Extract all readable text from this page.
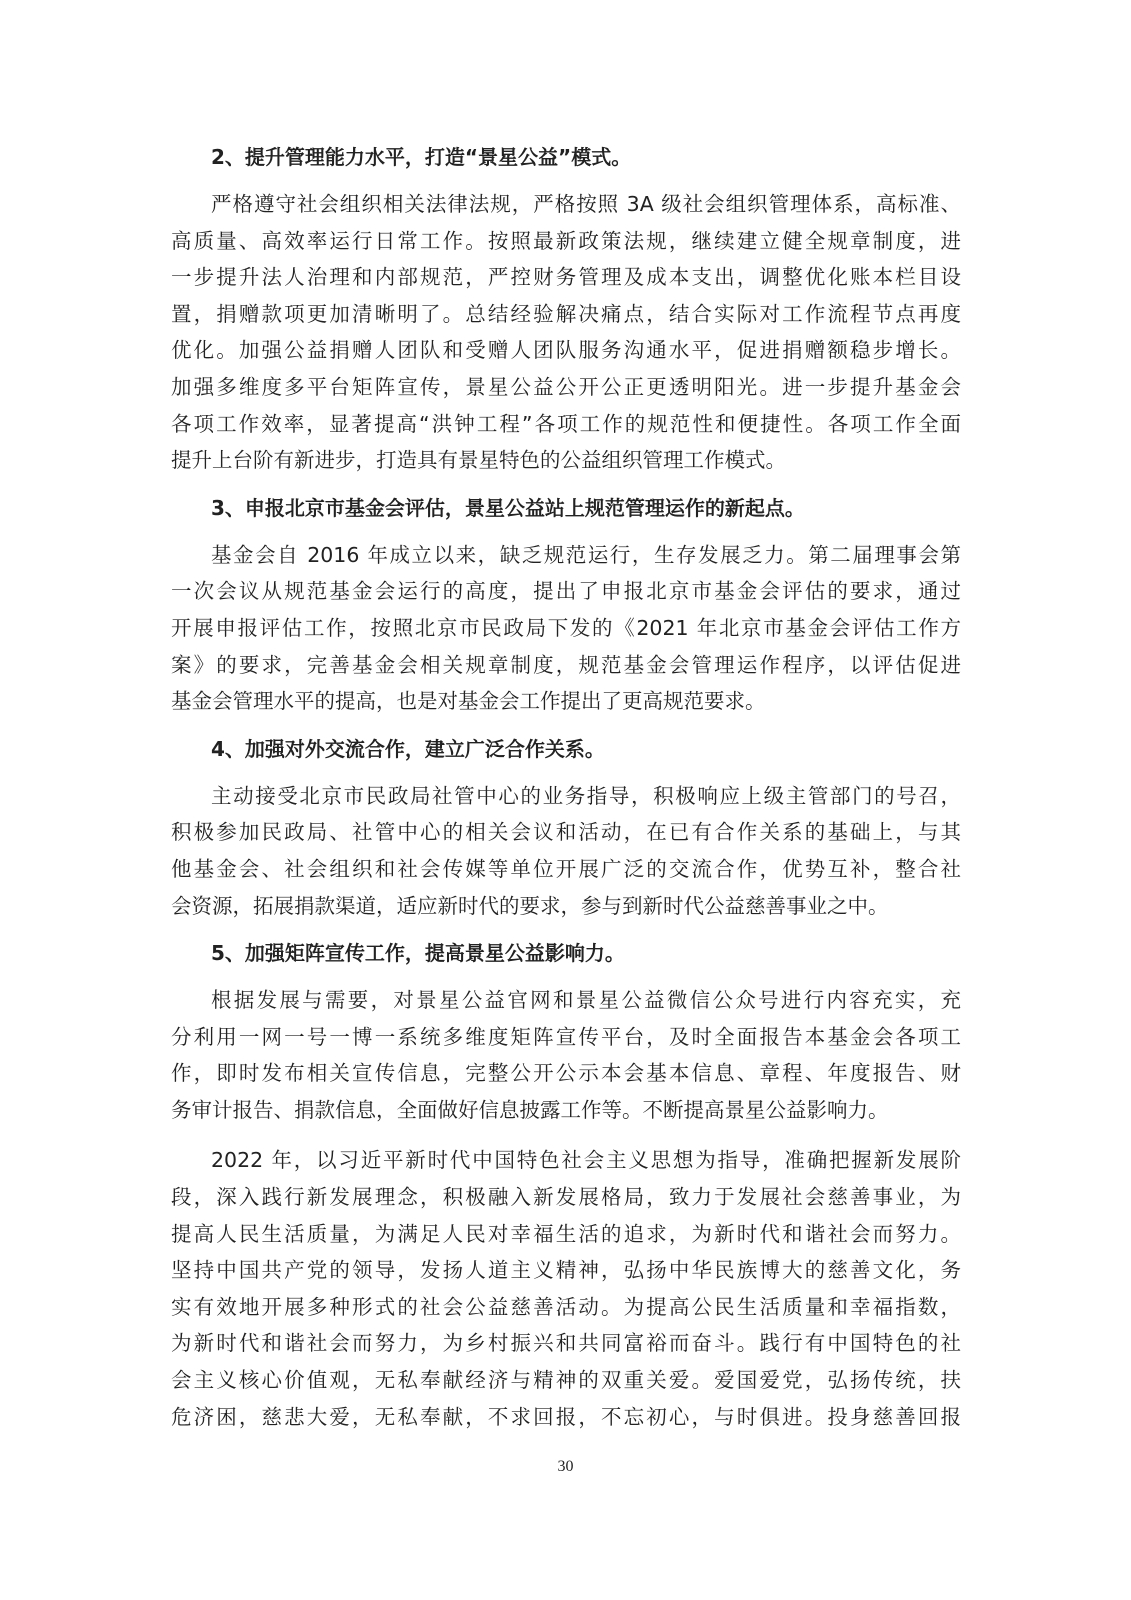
2、提升管理能力水平，打造“景星公益”模式。
严格遵守社会组织相关法律法规，严格按照 3A 级社会组织管理体系，高标准、
高质量、高效率运行日常工作。按照最新政策法规，继续建立健全规章制度，进
一步提升法人治理和内部规范，严控财务管理及成本支出，调整优化账本栏目设
置，捐赠款项更加清晰明了。总结经验解决痛点，结合实际对工作流程节点再度
优化。加强公益捐赠人团队和受赠人团队服务沟通水平，促进捐赠额稳步增长。
加强多维度多平台矩阵宣传，景星公益公开公正更透明阳光。进一步提升基金会
各项工作效率，显著提高“洪钟工程”各项工作的规范性和便捷性。各项工作全面
提升上台阶有新进步，打造具有景星特色的公益组织管理工作模式。
3、申报北京市基金会评估，景星公益站上规范管理运作的新起点。
基金会自 2016 年成立以来，缺乏规范运行，生存发展乏力。第二届理事会第
一次会议从规范基金会运行的高度，提出了申报北京市基金会评估的要求，通过
开展申报评估工作，按照北京市民政局下发的《2021 年北京市基金会评估工作方
案》的要求，完善基金会相关规章制度，规范基金会管理运作程序，以评估促进
基金会管理水平的提高，也是对基金会工作提出了更高规范要求。
4、加强对外交流合作，建立广泛合作关系。
主动接受北京市民政局社管中心的业务指导，积极响应上级主管部门的号召，
积极参加民政局、社管中心的相关会议和活动，在已有合作关系的基础上，与其
他基金会、社会组织和社会传媒等单位开展广泛的交流合作，优势互补，整合社
会资源，拓展捐款渠道，适应新时代的要求，参与到新时代公益慈善事业之中。
5、加强矩阵宣传工作，提高景星公益影响力。
根据发展与需要，对景星公益官网和景星公益微信公众号进行内容充实，充
分利用一网一号一博一系统多维度矩阵宣传平台，及时全面报告本基金会各项工
作，即时发布相关宣传信息，完整公开公示本会基本信息、章程、年度报告、财
务审计报告、捐款信息，全面做好信息披露工作等。不断提高景星公益影响力。
2022 年，以习近平新时代中国特色社会主义思想为指导，准确把握新发展阶
段，深入践行新发展理念，积极融入新发展格局，致力于发展社会慈善事业，为
提高人民生活质量，为满足人民对幸福生活的追求，为新时代和谐社会而努力。
坚持中国共产党的领导，发扬人道主义精神，弘扬中华民族博大的慈善文化，务
实有效地开展多种形式的社会公益慈善活动。为提高公民生活质量和幸福指数，
为新时代和谐社会而努力，为乡村振兴和共同富裕而奋斗。践行有中国特色的社
会主义核心价值观，无私奉献经济与精神的双重关爱。爱国爱党，弘扬传统，扶
危济困，慈悲大爱，无私奉献，不求回报，不忘初心，与时俱进。投身慈善回报
30
